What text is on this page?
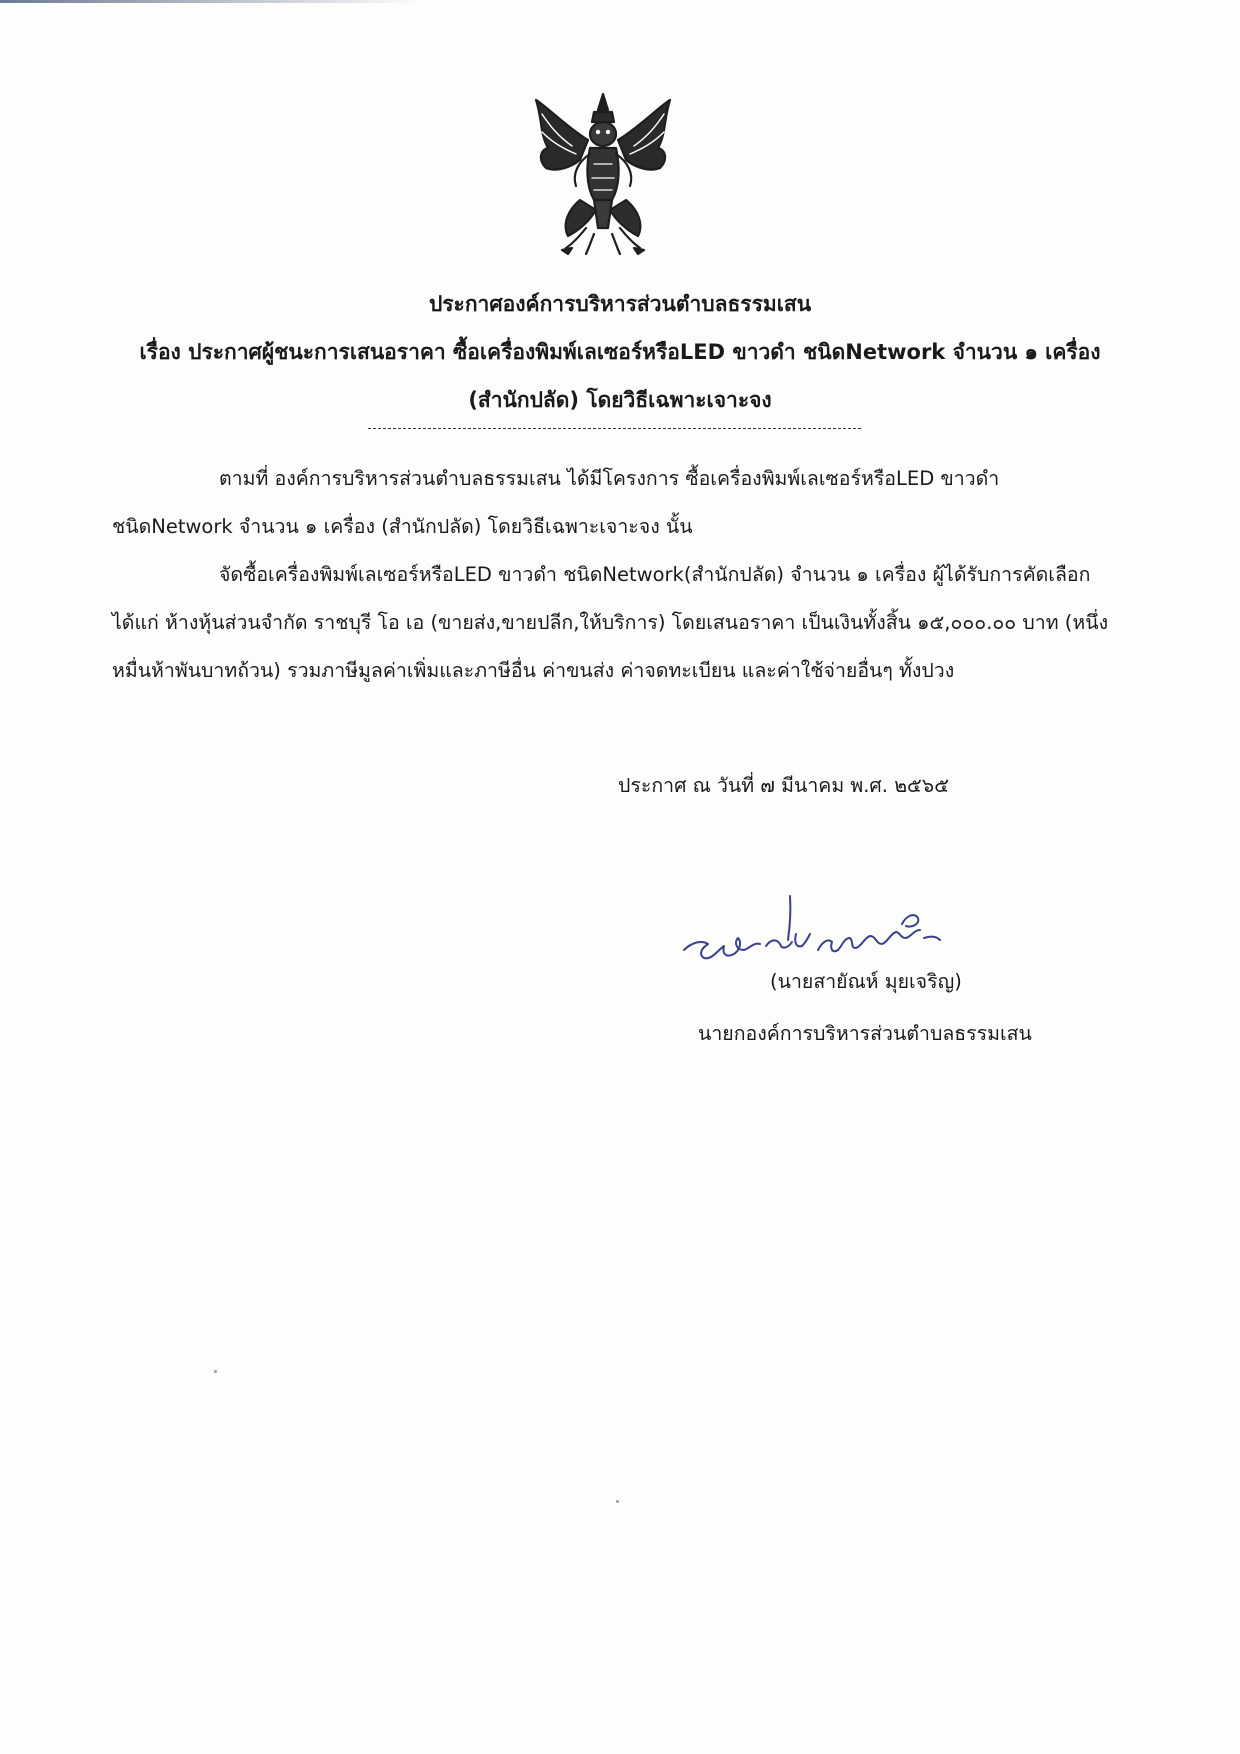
ประกาศองค์การบริหารส่วนตำบลธรรมเสน
เรื่อง ประกาศผู้ชนะการเสนอราคา ซื้อเครื่องพิมพ์เลเซอร์หรือLED ขาวดำ ชนิดNetwork จำนวน ๑ เครื่อง
(สำนักปลัด) โดยวิธีเฉพาะเจาะจง

ตามที่ องค์การบริหารส่วนตำบลธรรมเสน ได้มีโครงการ ซื้อเครื่องพิมพ์เลเซอร์หรือLED ขาวดำ ชนิดNetwork จำนวน ๑ เครื่อง (สำนักปลัด) โดยวิธีเฉพาะเจาะจง นั้น

จัดซื้อเครื่องพิมพ์เลเซอร์หรือLED ขาวดำ ชนิดNetwork(สำนักปลัด) จำนวน ๑ เครื่อง ผู้ได้รับการคัดเลือก ได้แก่ ห้างหุ้นส่วนจำกัด ราชบุรี โอ เอ (ขายส่ง,ขายปลีก,ให้บริการ) โดยเสนอราคา เป็นเงินทั้งสิ้น ๑๕,๐๐๐.๐๐ บาท (หนึ่งหมื่นห้าพันบาทถ้วน) รวมภาษีมูลค่าเพิ่มและภาษีอื่น ค่าขนส่ง ค่าจดทะเบียน และค่าใช้จ่ายอื่นๆ ทั้งปวง

ประกาศ ณ วันที่ ๗ มีนาคม พ.ศ. ๒๕๖๕
(นายสายัณห์ มุยเจริญ)
นายกองค์การบริหารส่วนตำบลธรรมเสน
